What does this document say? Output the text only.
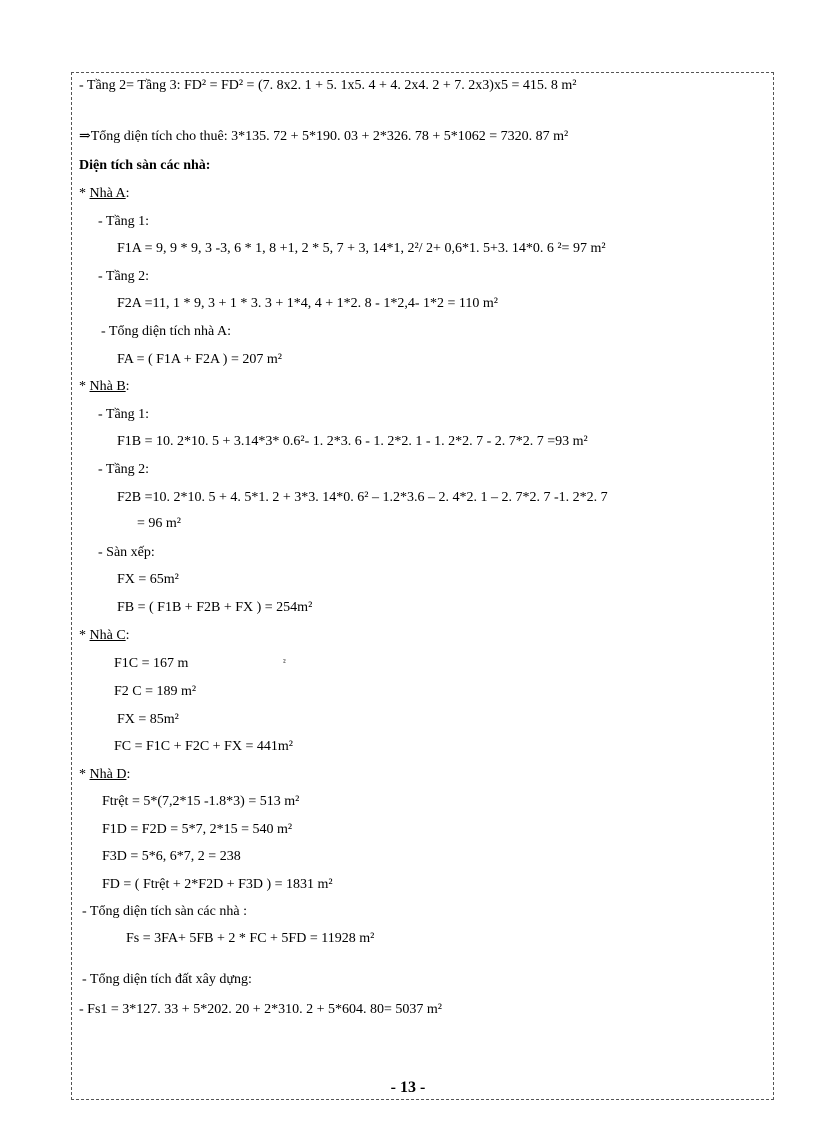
- Tầng 2= Tầng 3: FD² = FD² = (7. 8x2. 1 + 5. 1x5. 4 + 4. 2x4. 2 + 7. 2x3)x5 = 415. 8 m²
⇒Tổng diện tích cho thuê: 3*135. 72 + 5*190. 03 + 2*326. 78 + 5*1062 = 7320. 87 m²
Diện tích sàn các nhà:
* Nhà A:
- Tầng 1:
F1A = 9, 9 * 9, 3 -3, 6 * 1, 8 +1, 2 * 5, 7 + 3, 14*1, 2²/ 2+ 0,6*1. 5+3. 14*0. 6 ²= 97 m²
- Tầng 2:
F2A =11, 1 * 9, 3 + 1 * 3. 3 + 1*4, 4 + 1*2. 8 - 1*2,4- 1*2 = 110 m²
- Tổng diện tích nhà A:
FA = ( F1A + F2A ) = 207 m²
* Nhà B:
- Tầng 1:
F1B = 10. 2*10. 5 + 3.14*3* 0.6²- 1. 2*3. 6 - 1. 2*2. 1 - 1. 2*2. 7 - 2. 7*2. 7 =93 m²
- Tầng 2:
F2B =10. 2*10. 5 + 4. 5*1. 2 + 3*3. 14*0. 6² – 1.2*3.6 – 2. 4*2. 1 – 2. 7*2. 7 -1. 2*2. 7
= 96 m²
- Sàn xếp:
FX = 65m²
FB = ( F1B + F2B + FX ) = 254m²
* Nhà C:
F1C = 167 m	²
F2 C = 189 m²
FX = 85m²
FC = F1C + F2C + FX = 441m²
* Nhà D:
Ftrệt = 5*(7,2*15 -1.8*3) = 513 m²
F1D = F2D = 5*7, 2*15 = 540 m²
F3D = 5*6, 6*7, 2 = 238
FD = ( Ftrệt + 2*F2D + F3D ) = 1831 m²
- Tổng diện tích sàn các nhà :
Fs = 3FA+ 5FB + 2 * FC + 5FD = 11928 m²
- Tổng diện tích đất xây dựng:
- Fs1 = 3*127. 33 + 5*202. 20 + 2*310. 2 + 5*604. 80= 5037 m²
- 13 -
